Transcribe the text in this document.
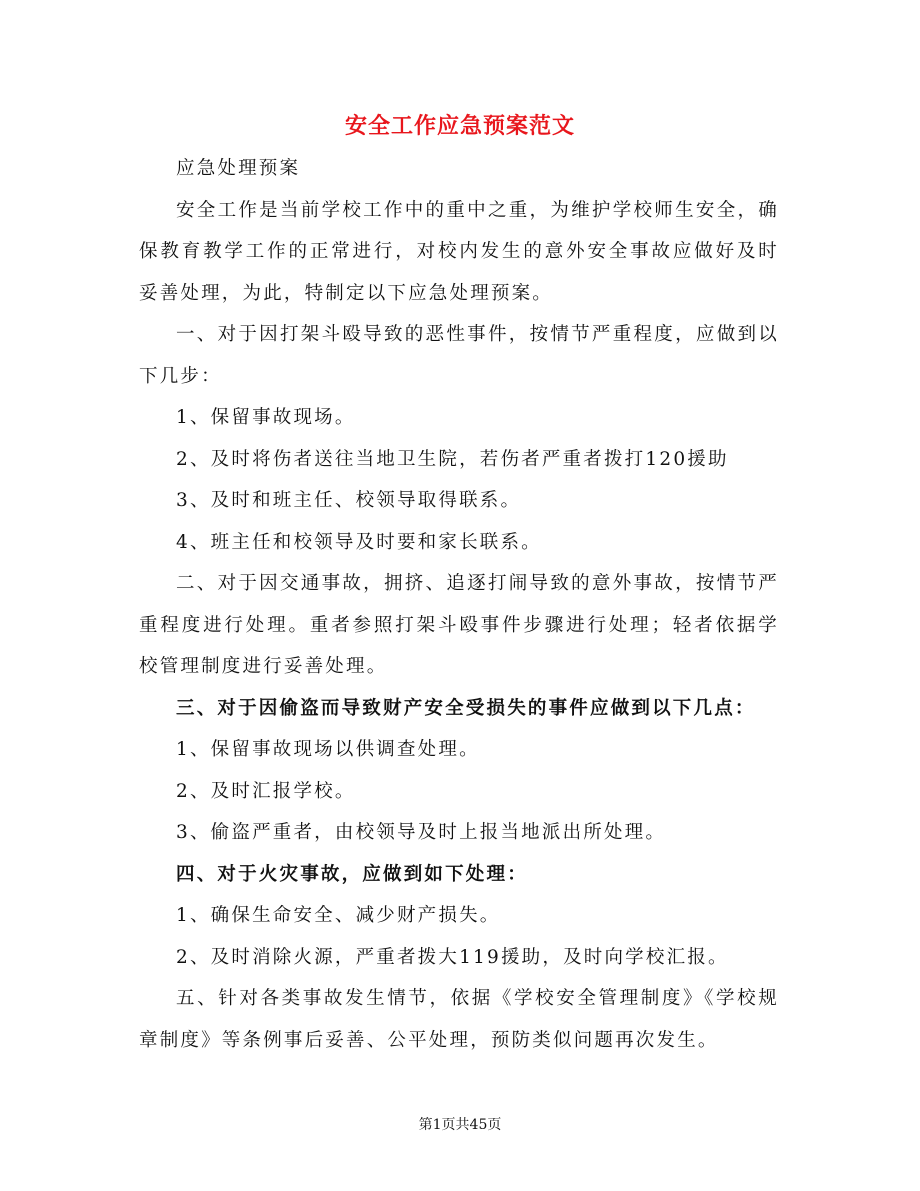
安全工作应急预案范文

应急处理预案

安全工作是当前学校工作中的重中之重，为维护学校师生安全，确保教育教学工作的正常进行，对校内发生的意外安全事故应做好及时妥善处理，为此，特制定以下应急处理预案。

一、对于因打架斗殴导致的恶性事件，按情节严重程度，应做到以下几步：

1、保留事故现场。

2、及时将伤者送往当地卫生院，若伤者严重者拨打120援助

3、及时和班主任、校领导取得联系。

4、班主任和校领导及时要和家长联系。

二、对于因交通事故，拥挤、追逐打闹导致的意外事故，按情节严重程度进行处理。重者参照打架斗殴事件步骤进行处理；轻者依据学校管理制度进行妥善处理。

三、对于因偷盗而导致财产安全受损失的事件应做到以下几点：

1、保留事故现场以供调查处理。

2、及时汇报学校。

3、偷盗严重者，由校领导及时上报当地派出所处理。

四、对于火灾事故，应做到如下处理：

1、确保生命安全、减少财产损失。

2、及时消除火源，严重者拨大119援助，及时向学校汇报。

五、针对各类事故发生情节，依据《学校安全管理制度》《学校规章制度》等条例事后妥善、公平处理，预防类似问题再次发生。

第1页共45页
